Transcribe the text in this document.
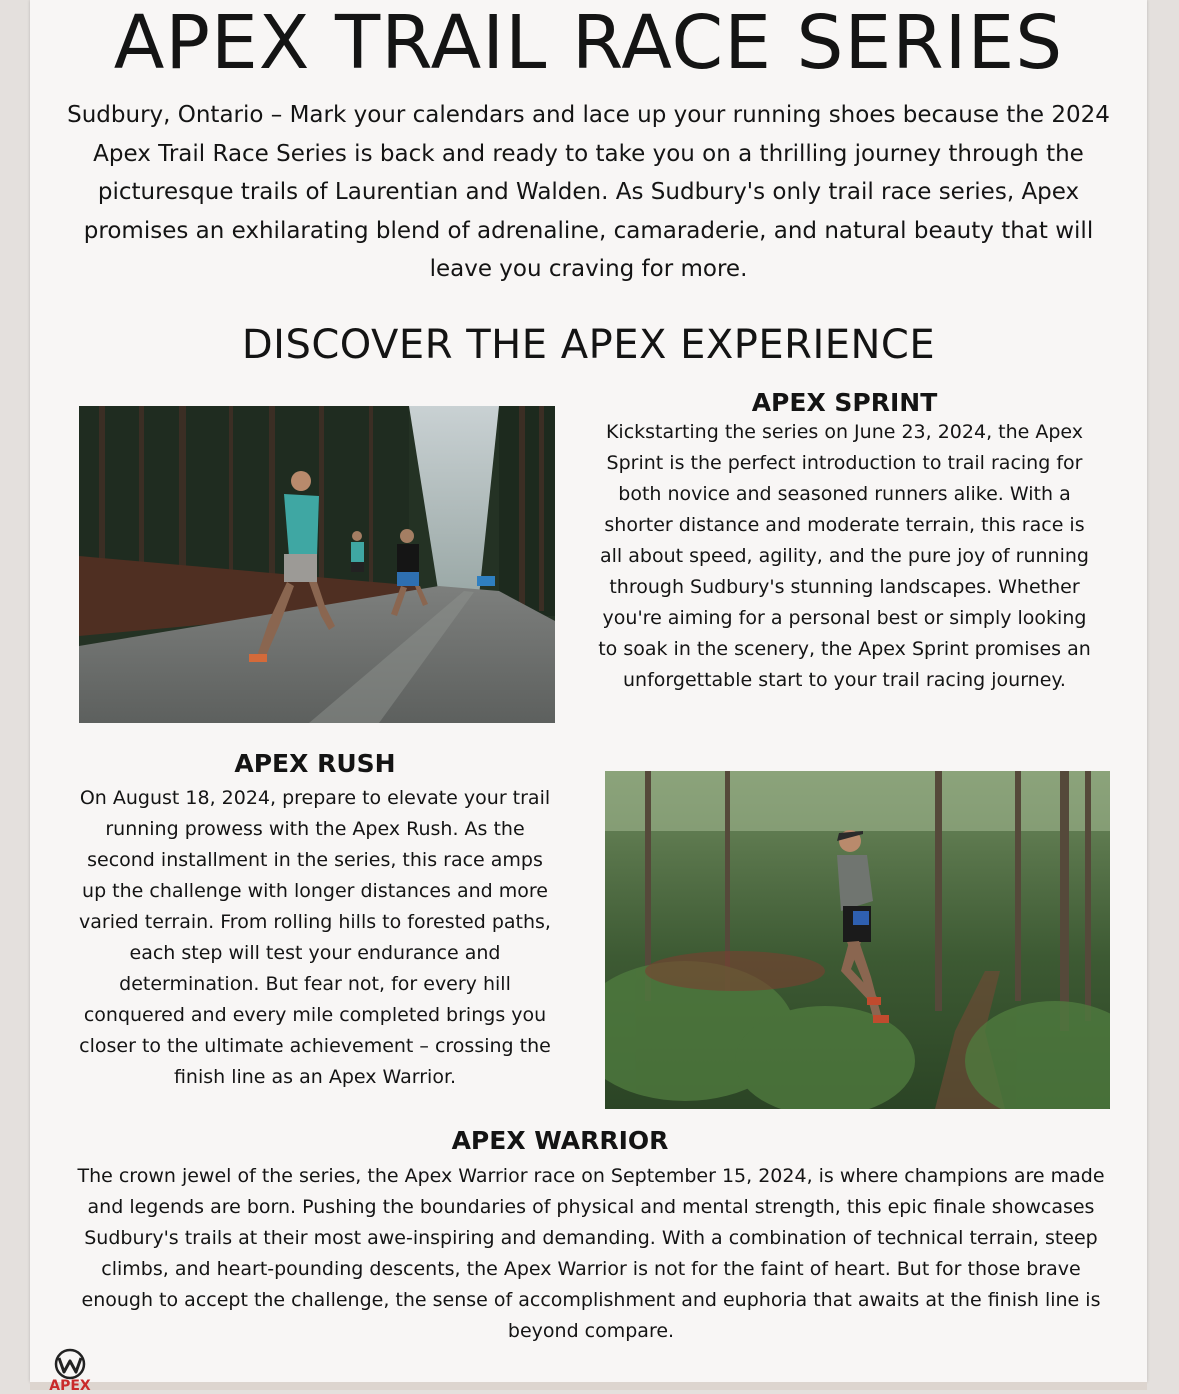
APEX TRAIL RACE SERIES

Sudbury, Ontario – Mark your calendars and lace up your running shoes because the 2024 Apex Trail Race Series is back and ready to take you on a thrilling journey through the picturesque trails of Laurentian and Walden. As Sudbury's only trail race series, Apex promises an exhilarating blend of adrenaline, camaraderie, and natural beauty that will leave you craving for more.

DISCOVER THE APEX EXPERIENCE
APEX SPRINT

Kickstarting the series on June 23, 2024, the Apex Sprint is the perfect introduction to trail racing for both novice and seasoned runners alike. With a shorter distance and moderate terrain, this race is all about speed, agility, and the pure joy of running through Sudbury's stunning landscapes. Whether you're aiming for a personal best or simply looking to soak in the scenery, the Apex Sprint promises an unforgettable start to your trail racing journey.

APEX RUSH

On August 18, 2024, prepare to elevate your trail running prowess with the Apex Rush. As the second installment in the series, this race amps up the challenge with longer distances and more varied terrain. From rolling hills to forested paths, each step will test your endurance and determination. But fear not, for every hill conquered and every mile completed brings you closer to the ultimate achievement – crossing the finish line as an Apex Warrior.

APEX WARRIOR

The crown jewel of the series, the Apex Warrior race on September 15, 2024, is where champions are made and legends are born. Pushing the boundaries of physical and mental strength, this epic finale showcases Sudbury's trails at their most awe-inspiring and demanding. With a combination of technical terrain, steep climbs, and heart-pounding descents, the Apex Warrior is not for the faint of heart. But for those brave enough to accept the challenge, the sense of accomplishment and euphoria that awaits at the finish line is beyond compare.

APEX
